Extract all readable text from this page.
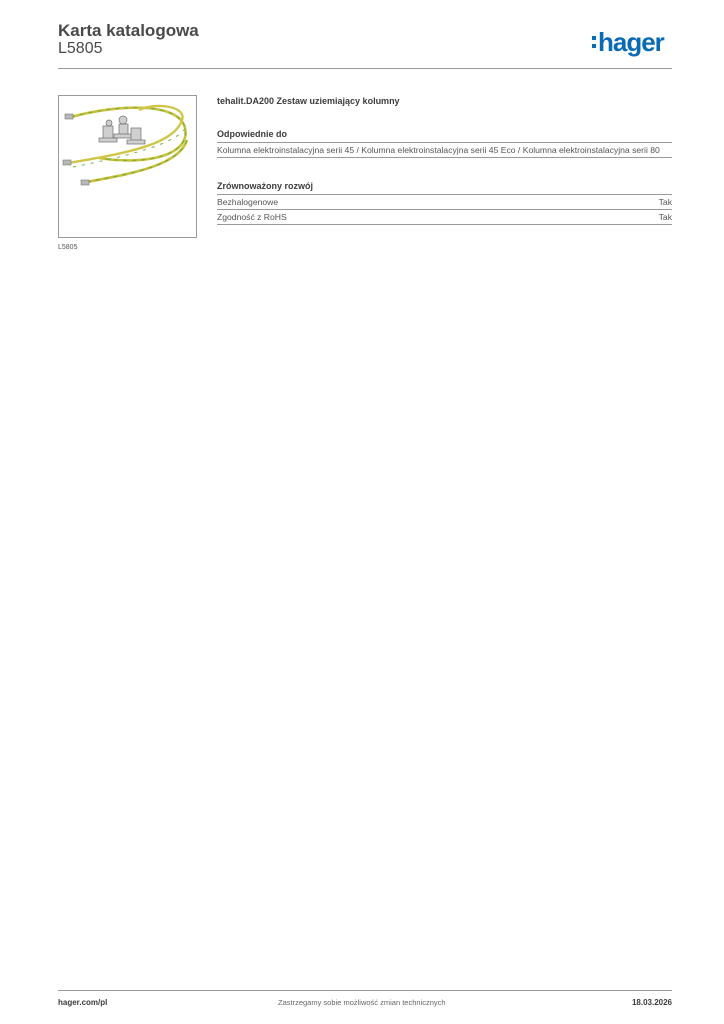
Karta katalogowa
L5805	hager
L5805
tehalit.DA200 Zestaw uziemiający kolumny
Odpowiednie do
Kolumna elektroinstalacyjna serii 45 / Kolumna elektroinstalacyjna serii 45 Eco / Kolumna elektroinstalacyjna serii 80
Zrównoważony rozwój
Bezhalogenowe	Tak
Zgodność z RoHS	Tak
hager.com/pl	Zastrzegamy sobie możliwość zmian technicznych	18.03.2026
